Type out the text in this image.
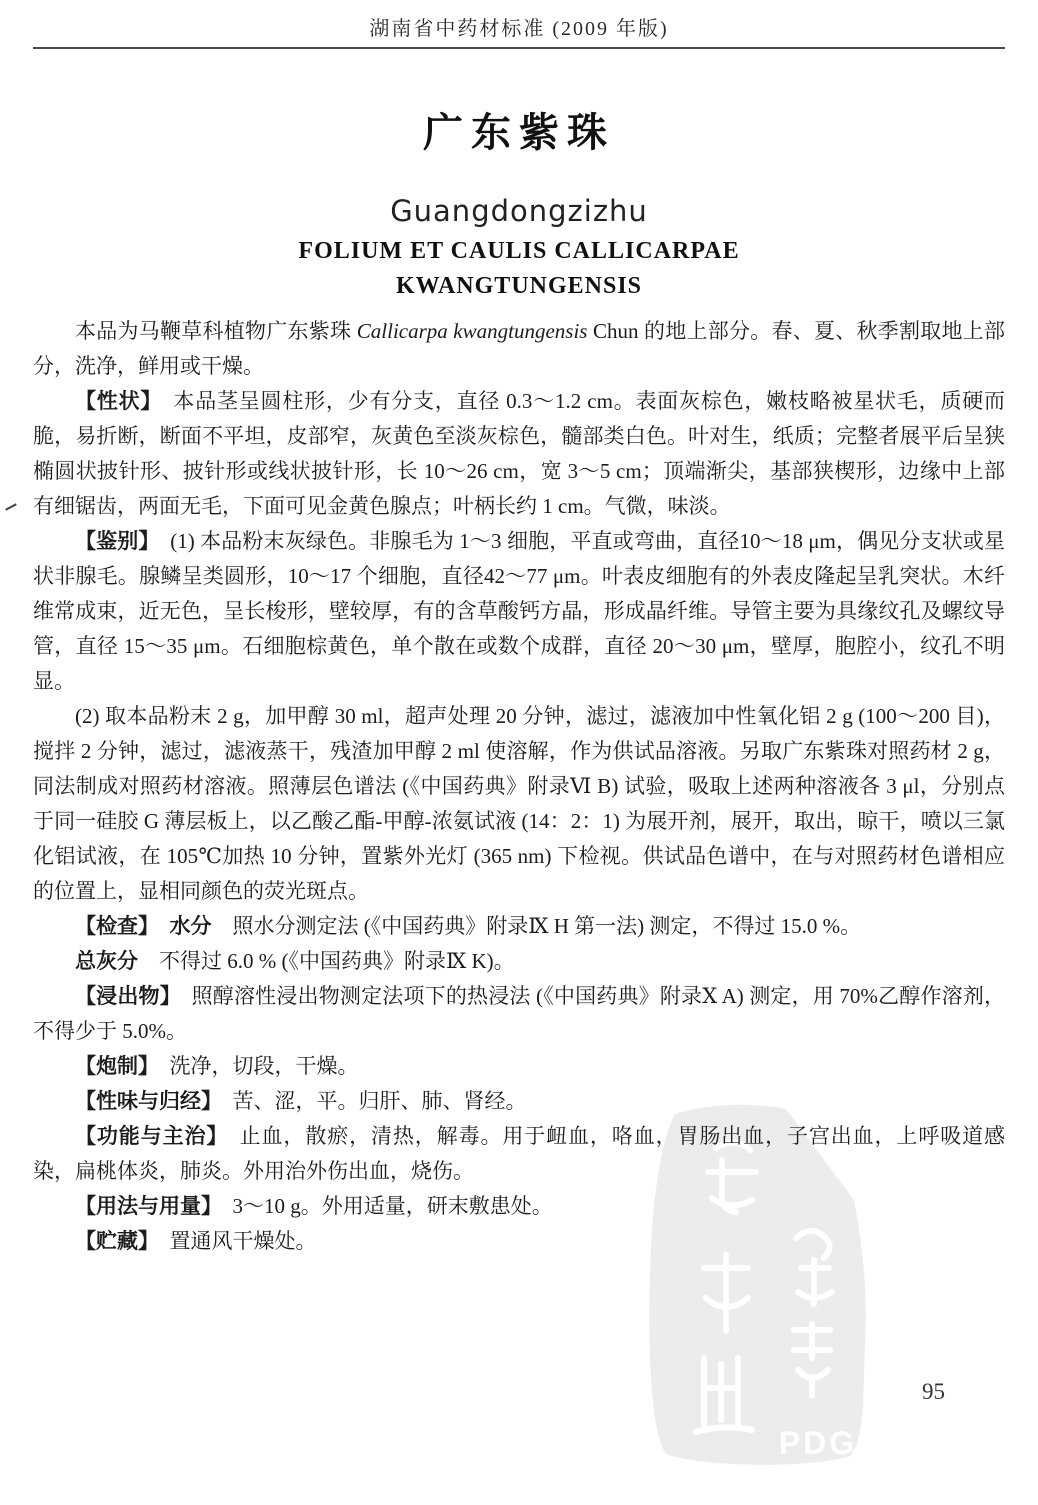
湖南省中药材标准 (2009 年版)
广东紫珠
Guangdongzizhu
FOLIUM ET CAULIS CALLICARPAE
KWANGTUNGENSIS

本品为马鞭草科植物广东紫珠 Callicarpa kwangtungensis Chun 的地上部分。春、夏、秋季割取地上部分，洗净，鲜用或干燥。

【性状】　本品茎呈圆柱形，少有分支，直径 0.3～1.2 cm。表面灰棕色，嫩枝略被星状毛，质硬而脆，易折断，断面不平坦，皮部窄，灰黄色至淡灰棕色，髓部类白色。叶对生，纸质；完整者展平后呈狭椭圆状披针形、披针形或线状披针形，长 10～26 cm，宽 3～5 cm；顶端渐尖，基部狭楔形，边缘中上部有细锯齿，两面无毛，下面可见金黄色腺点；叶柄长约 1 cm。气微，味淡。

【鉴别】　(1) 本品粉末灰绿色。非腺毛为 1～3 细胞，平直或弯曲，直径10～18 μm，偶见分支状或星状非腺毛。腺鳞呈类圆形，10～17 个细胞，直径42～77 μm。叶表皮细胞有的外表皮隆起呈乳突状。木纤维常成束，近无色，呈长梭形，壁较厚，有的含草酸钙方晶，形成晶纤维。导管主要为具缘纹孔及螺纹导管，直径 15～35 μm。石细胞棕黄色，单个散在或数个成群，直径 20～30 μm，壁厚，胞腔小，纹孔不明显。

(2) 取本品粉末 2 g，加甲醇 30 ml，超声处理 20 分钟，滤过，滤液加中性氧化铝 2 g (100～200 目)，搅拌 2 分钟，滤过，滤液蒸干，残渣加甲醇 2 ml 使溶解，作为供试品溶液。另取广东紫珠对照药材 2 g，同法制成对照药材溶液。照薄层色谱法 (《中国药典》附录Ⅵ B) 试验，吸取上述两种溶液各 3 μl，分别点于同一硅胶 G 薄层板上，以乙酸乙酯-甲醇-浓氨试液 (14：2：1) 为展开剂，展开，取出，晾干，喷以三氯化铝试液，在 105℃加热 10 分钟，置紫外光灯 (365 nm) 下检视。供试品色谱中，在与对照药材色谱相应的位置上，显相同颜色的荧光斑点。

【检查】　 水分　照水分测定法 (《中国药典》附录Ⅸ H 第一法) 测定，不得过 15.0 %。

总灰分　不得过 6.0 % (《中国药典》附录Ⅸ K)。

【浸出物】　照醇溶性浸出物测定法项下的热浸法 (《中国药典》附录Ⅹ A) 测定，用 70%乙醇作溶剂，不得少于 5.0%。

【炮制】　洗净，切段，干燥。

【性味与归经】　苦、涩，平。归肝、肺、肾经。

【功能与主治】　止血，散瘀，清热，解毒。用于衄血，咯血，胃肠出血，子宫出血，上呼吸道感染，扁桃体炎，肺炎。外用治外伤出血，烧伤。

【用法与用量】　3～10 g。外用适量，研末敷患处。

【贮藏】　置通风干燥处。

PDG
95
